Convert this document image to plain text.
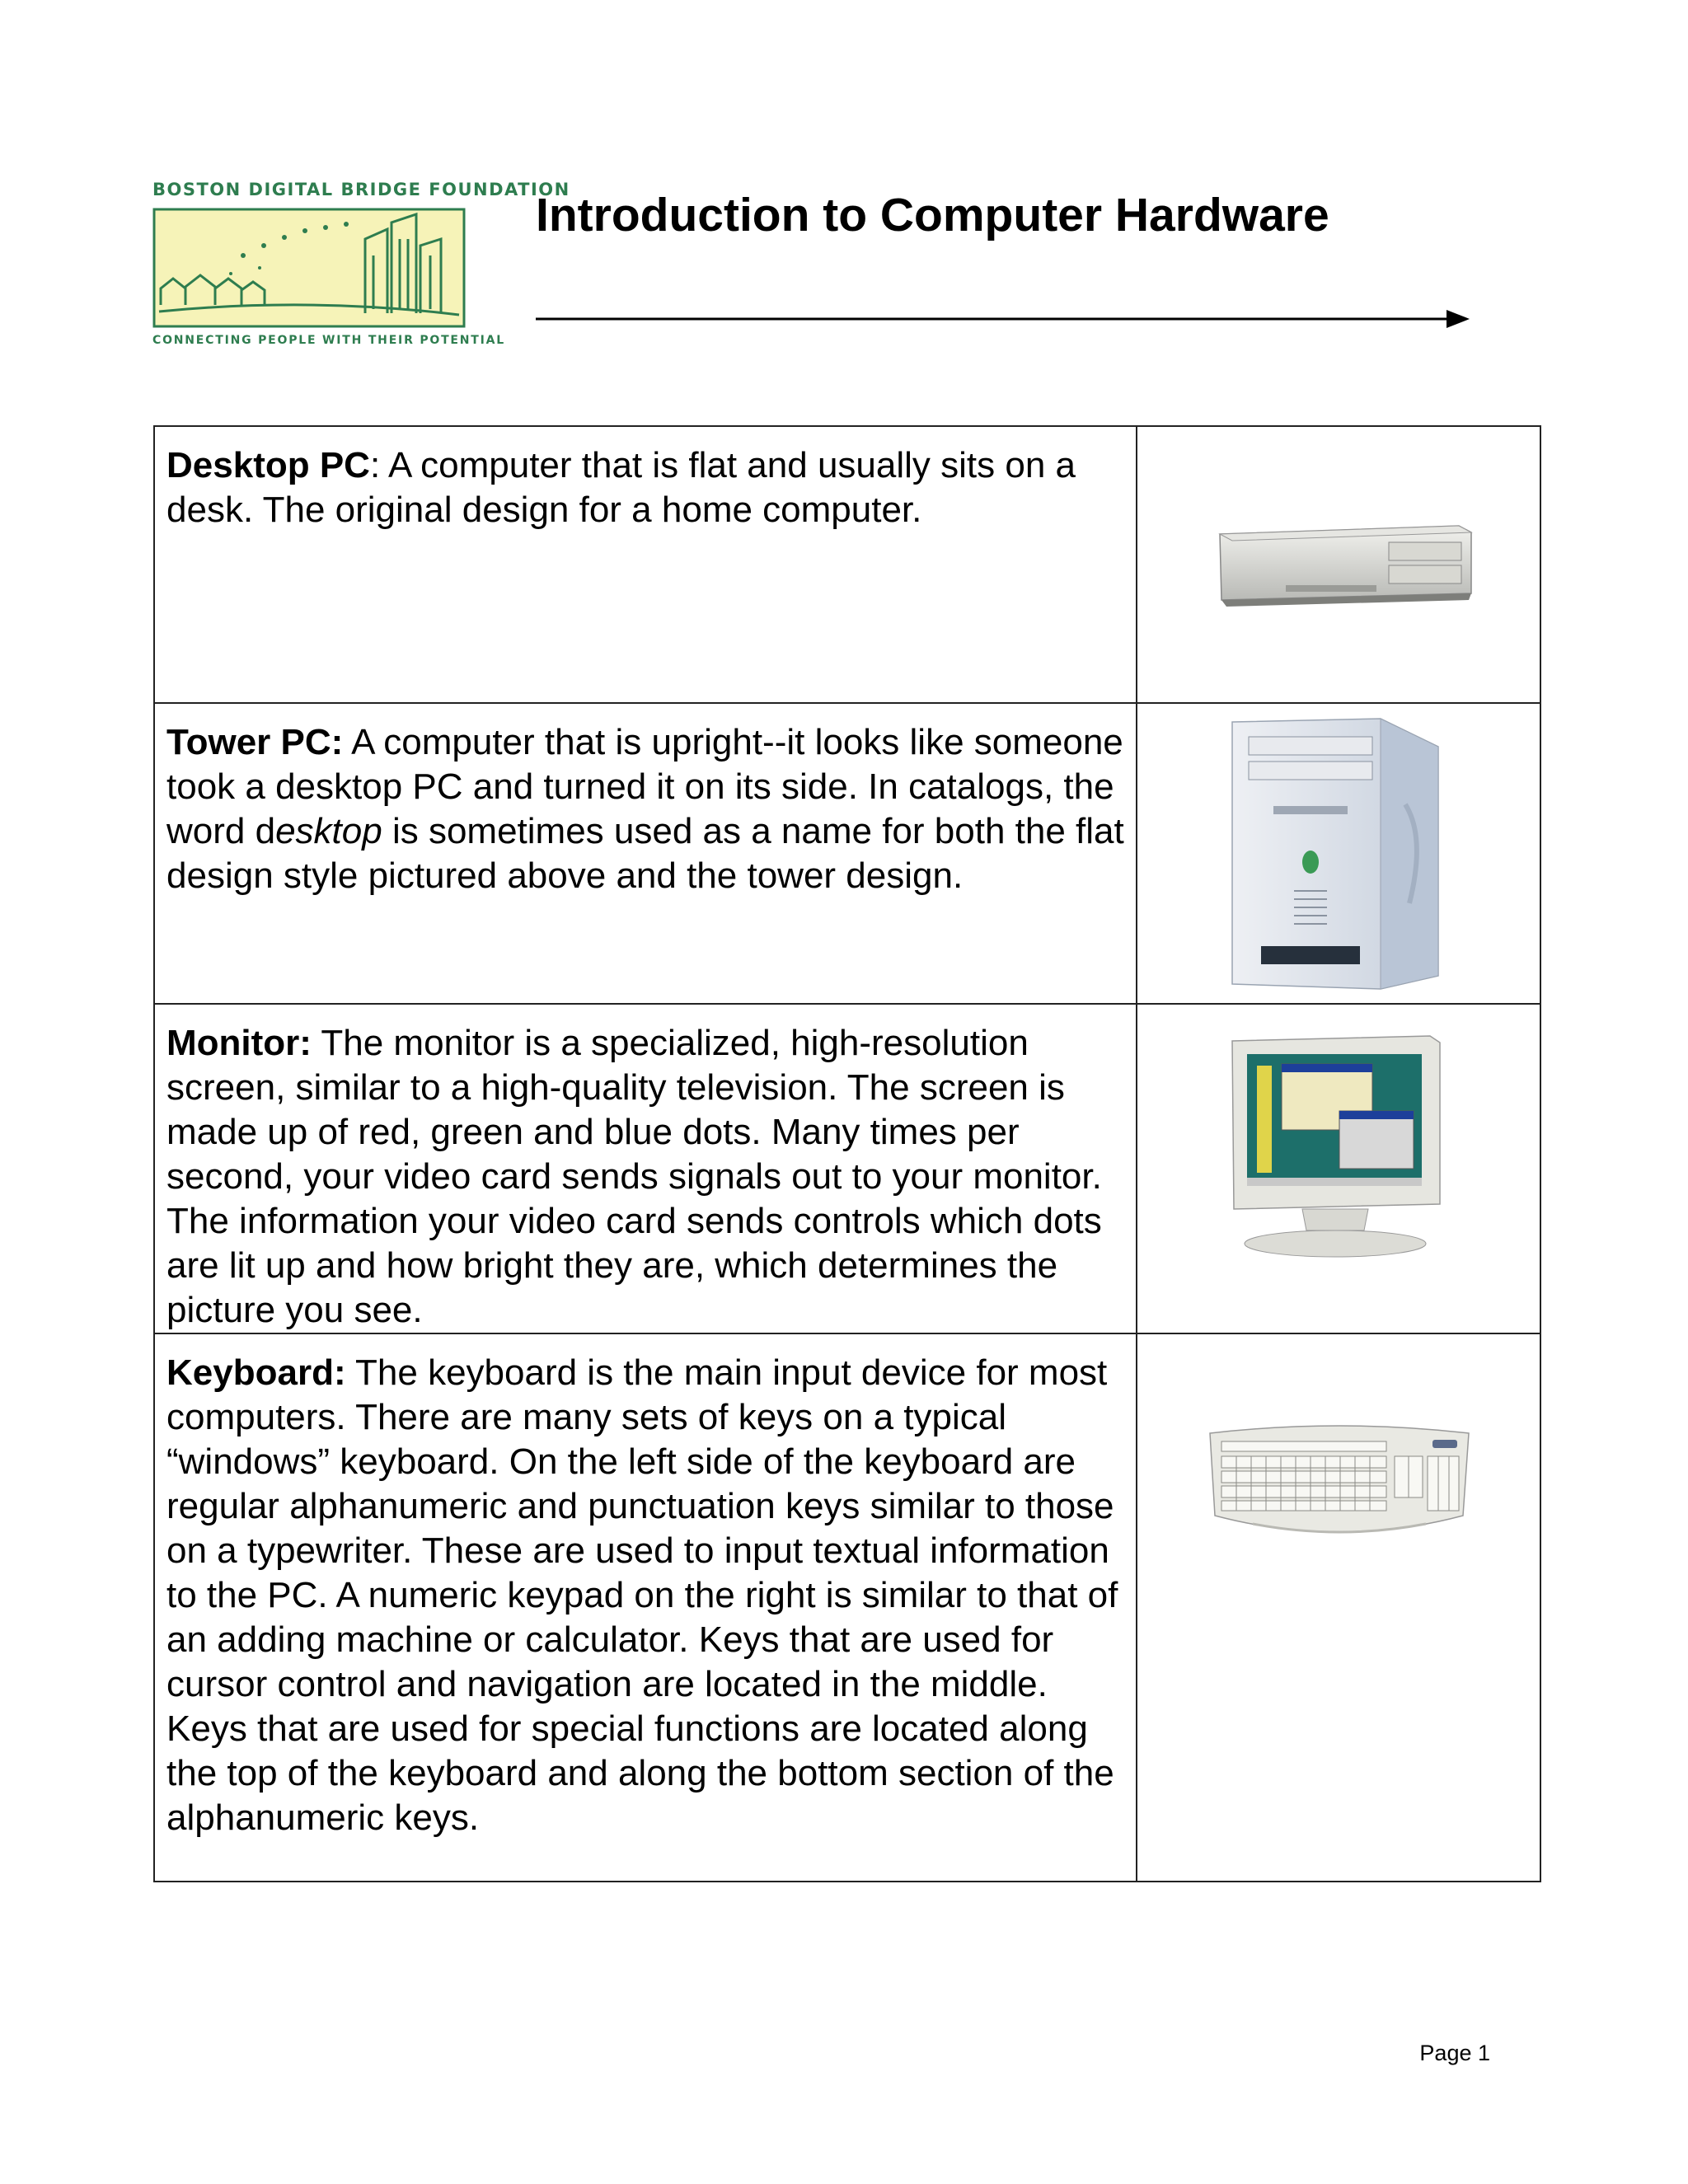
BOSTON DIGITAL BRIDGE FOUNDATION
CONNECTING PEOPLE WITH THEIR POTENTIAL
Introduction to Computer Hardware
Desktop PC: A computer that is flat and usually sits on a desk. The original design for a home computer.

Tower PC: A computer that is upright--it looks like someone took a desktop PC and turned it on its side. In catalogs, the word desktop is sometimes used as a name for both the flat design style pictured above and the tower design.

Monitor: The monitor is a specialized, high-resolution screen, similar to a high-quality television. The screen is made up of red, green and blue dots. Many times per second, your video card sends signals out to your monitor. The information your video card sends controls which dots are lit up and how bright they are, which determines the picture you see.

Keyboard: The keyboard is the main input device for most computers. There are many sets of keys on a typical “windows” keyboard. On the left side of the keyboard are regular alphanumeric and punctuation keys similar to those on a typewriter. These are used to input textual information to the PC. A numeric keypad on the right is similar to that of an adding machine or calculator. Keys that are used for cursor control and navigation are located in the middle. Keys that are used for special functions are located along the top of the keyboard and along the bottom section of the alphanumeric keys.

Page 1
